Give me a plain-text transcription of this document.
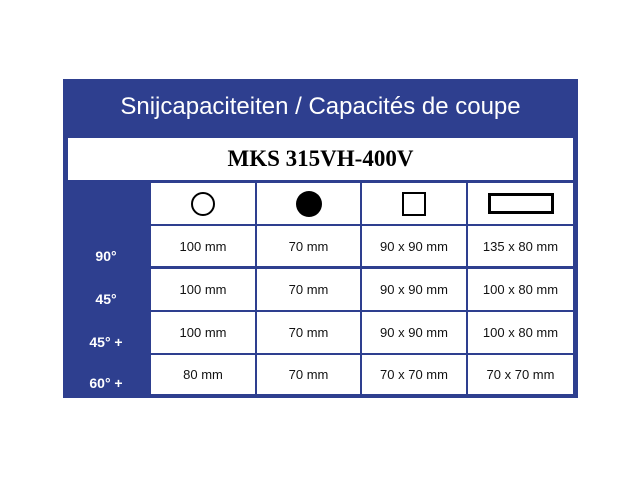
Snijcapaciteiten / Capacités de coupe
MKS 315VH-400V
90°
100 mm	70 mm	90 x 90 mm	135 x 80 mm
45°
100 mm	70 mm	90 x 90 mm	100 x 80 mm
45° +
100 mm	70 mm	90 x 90 mm	100 x 80 mm
60° +
80 mm	70 mm	70 x 70 mm	70 x 70 mm
